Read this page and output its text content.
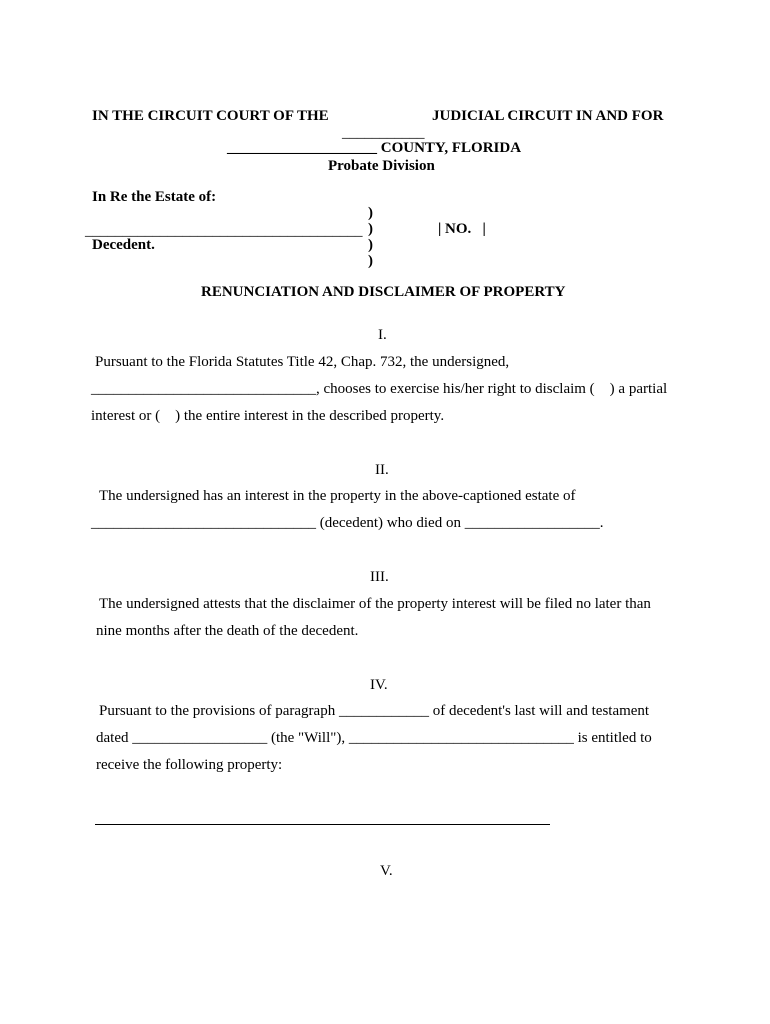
IN THE CIRCUIT COURT OF THE	JUDICIAL CIRCUIT IN AND FOR
___________
____________________ COUNTY, FLORIDA
Probate Division
In Re the Estate of:
_____________________________________
Decedent.
)
)
)
)
| NO.   |
RENUNCIATION AND DISCLAIMER OF PROPERTY
I.
Pursuant to the Florida Statutes Title 42, Chap. 732, the undersigned,
______________________________, chooses to exercise his/her right to disclaim (    ) a partial
interest or (    ) the entire interest in the described property.
II.
The undersigned has an interest in the property in the above-captioned estate of
______________________________ (decedent) who died on __________________.
III.
The undersigned attests that the disclaimer of the property interest will be filed no later than
nine months after the death of the decedent.
IV.
Pursuant to the provisions of paragraph ____________ of decedent's last will and testament
dated __________________ (the "Will"), ______________________________ is entitled to
receive the following property:
V.
